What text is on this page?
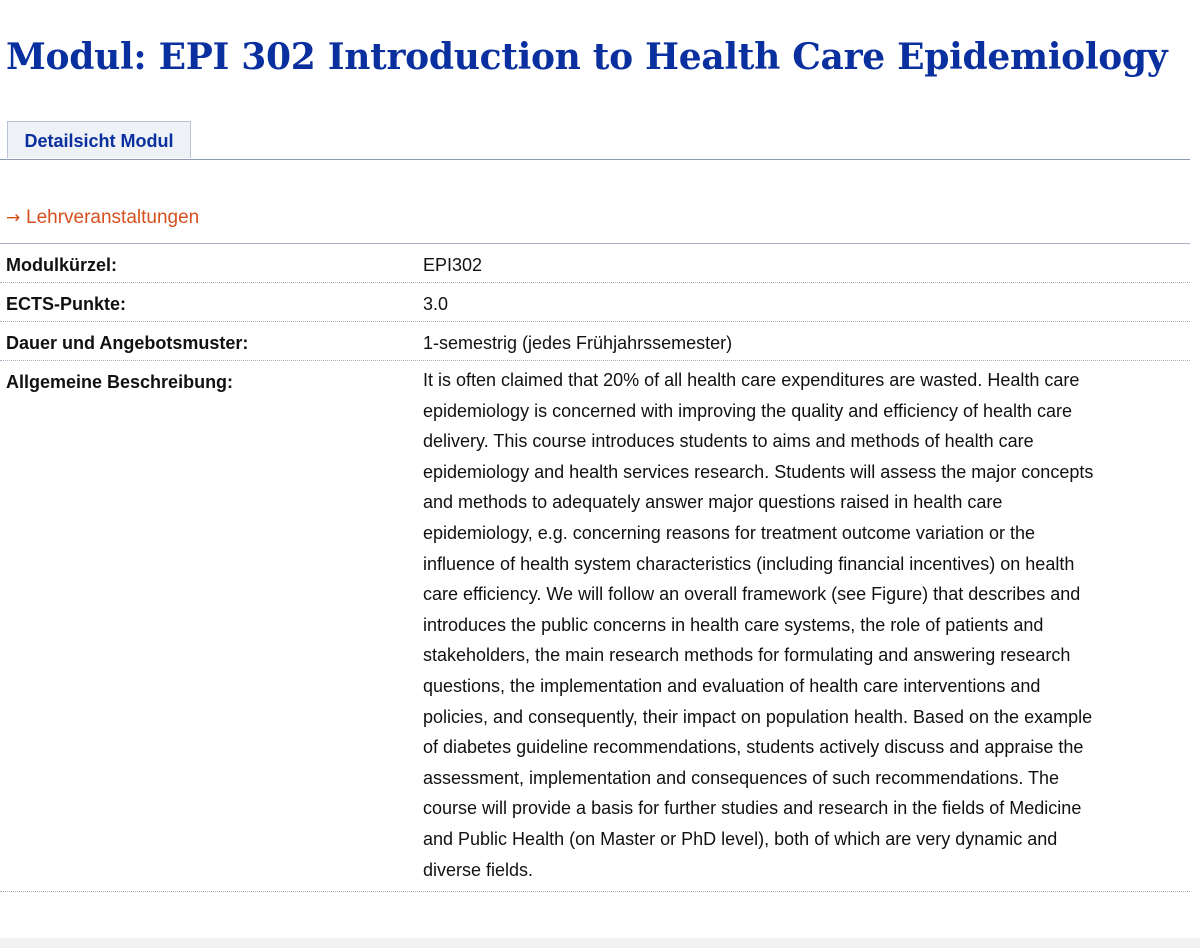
Modul: EPI 302 Introduction to Health Care Epidemiology
Detailsicht Modul
→ Lehrveranstaltungen
Modulkürzel:	EPI302
ECTS-Punkte:	3.0
Dauer und Angebotsmuster:	1-semestrig (jedes Frühjahrssemester)
Allgemeine Beschreibung:	It is often claimed that 20% of all health care expenditures are wasted. Health care epidemiology is concerned with improving the quality and efficiency of health care delivery. This course introduces students to aims and methods of health care epidemiology and health services research. Students will assess the major concepts and methods to adequately answer major questions raised in health care epidemiology, e.g. concerning reasons for treatment outcome variation or the influence of health system characteristics (including financial incentives) on health care efficiency. We will follow an overall framework (see Figure) that describes and introduces the public concerns in health care systems, the role of patients and stakeholders, the main research methods for formulating and answering research questions, the implementation and evaluation of health care interventions and policies, and consequently, their impact on population health. Based on the example of diabetes guideline recommendations, students actively discuss and appraise the assessment, implementation and consequences of such recommendations. The course will provide a basis for further studies and research in the fields of Medicine and Public Health (on Master or PhD level), both of which are very dynamic and diverse fields.
